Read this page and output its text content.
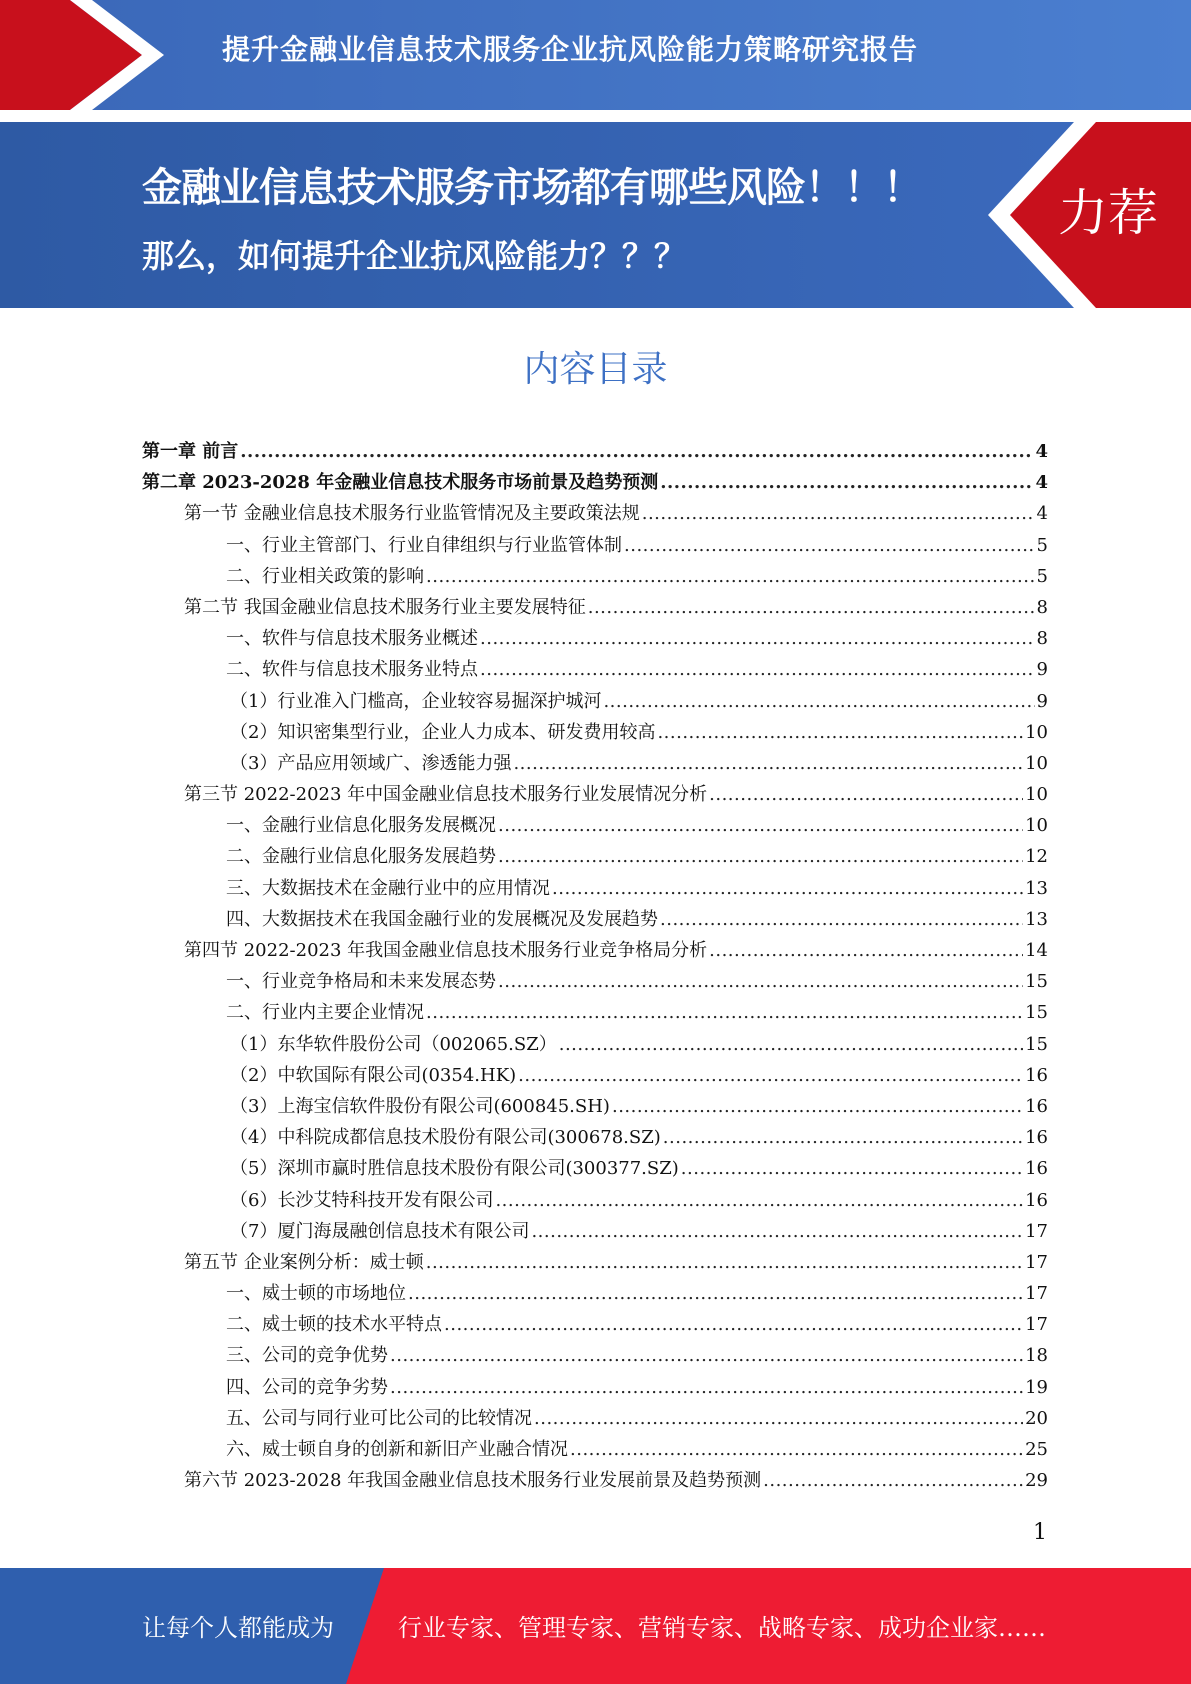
提升金融业信息技术服务企业抗风险能力策略研究报告
金融业信息技术服务市场都有哪些风险！！！
那么，如何提升企业抗风险能力？？？
力荐
内容目录
第一章 前言 .....	4
第二章 2023-2028 年金融业信息技术服务市场前景及趋势预测 .....	4
第一节 金融业信息技术服务行业监管情况及主要政策法规 .....	4
一、行业主管部门、行业自律组织与行业监管体制 .....	5
二、行业相关政策的影响 .....	5
第二节 我国金融业信息技术服务行业主要发展特征 .....	8
一、软件与信息技术服务业概述 .....	8
二、软件与信息技术服务业特点 .....	9
（1）行业准入门槛高，企业较容易掘深护城河 .....	9
（2）知识密集型行业，企业人力成本、研发费用较高 .....	10
（3）产品应用领域广、渗透能力强 .....	10
第三节 2022-2023 年中国金融业信息技术服务行业发展情况分析 .....	10
一、金融行业信息化服务发展概况 .....	10
二、金融行业信息化服务发展趋势 .....	12
三、大数据技术在金融行业中的应用情况 .....	13
四、大数据技术在我国金融行业的发展概况及发展趋势 .....	13
第四节 2022-2023 年我国金融业信息技术服务行业竞争格局分析 .....	14
一、行业竞争格局和未来发展态势 .....	15
二、行业内主要企业情况 .....	15
（1）东华软件股份公司（002065.SZ） .....	15
（2）中软国际有限公司(0354.HK) .....	16
（3）上海宝信软件股份有限公司(600845.SH) .....	16
（4）中科院成都信息技术股份有限公司(300678.SZ) .....	16
（5）深圳市赢时胜信息技术股份有限公司(300377.SZ) .....	16
（6）长沙艾特科技开发有限公司 .....	16
（7）厦门海晟融创信息技术有限公司 .....	17
第五节 企业案例分析：威士顿 .....	17
一、威士顿的市场地位 .....	17
二、威士顿的技术水平特点 .....	17
三、公司的竞争优势 .....	18
四、公司的竞争劣势 .....	19
五、公司与同行业可比公司的比较情况 .....	20
六、威士顿自身的创新和新旧产业融合情况 .....	25
第六节 2023-2028 年我国金融业信息技术服务行业发展前景及趋势预测 .....	29
1
让每个人都能成为	行业专家、管理专家、营销专家、战略专家、成功企业家……
